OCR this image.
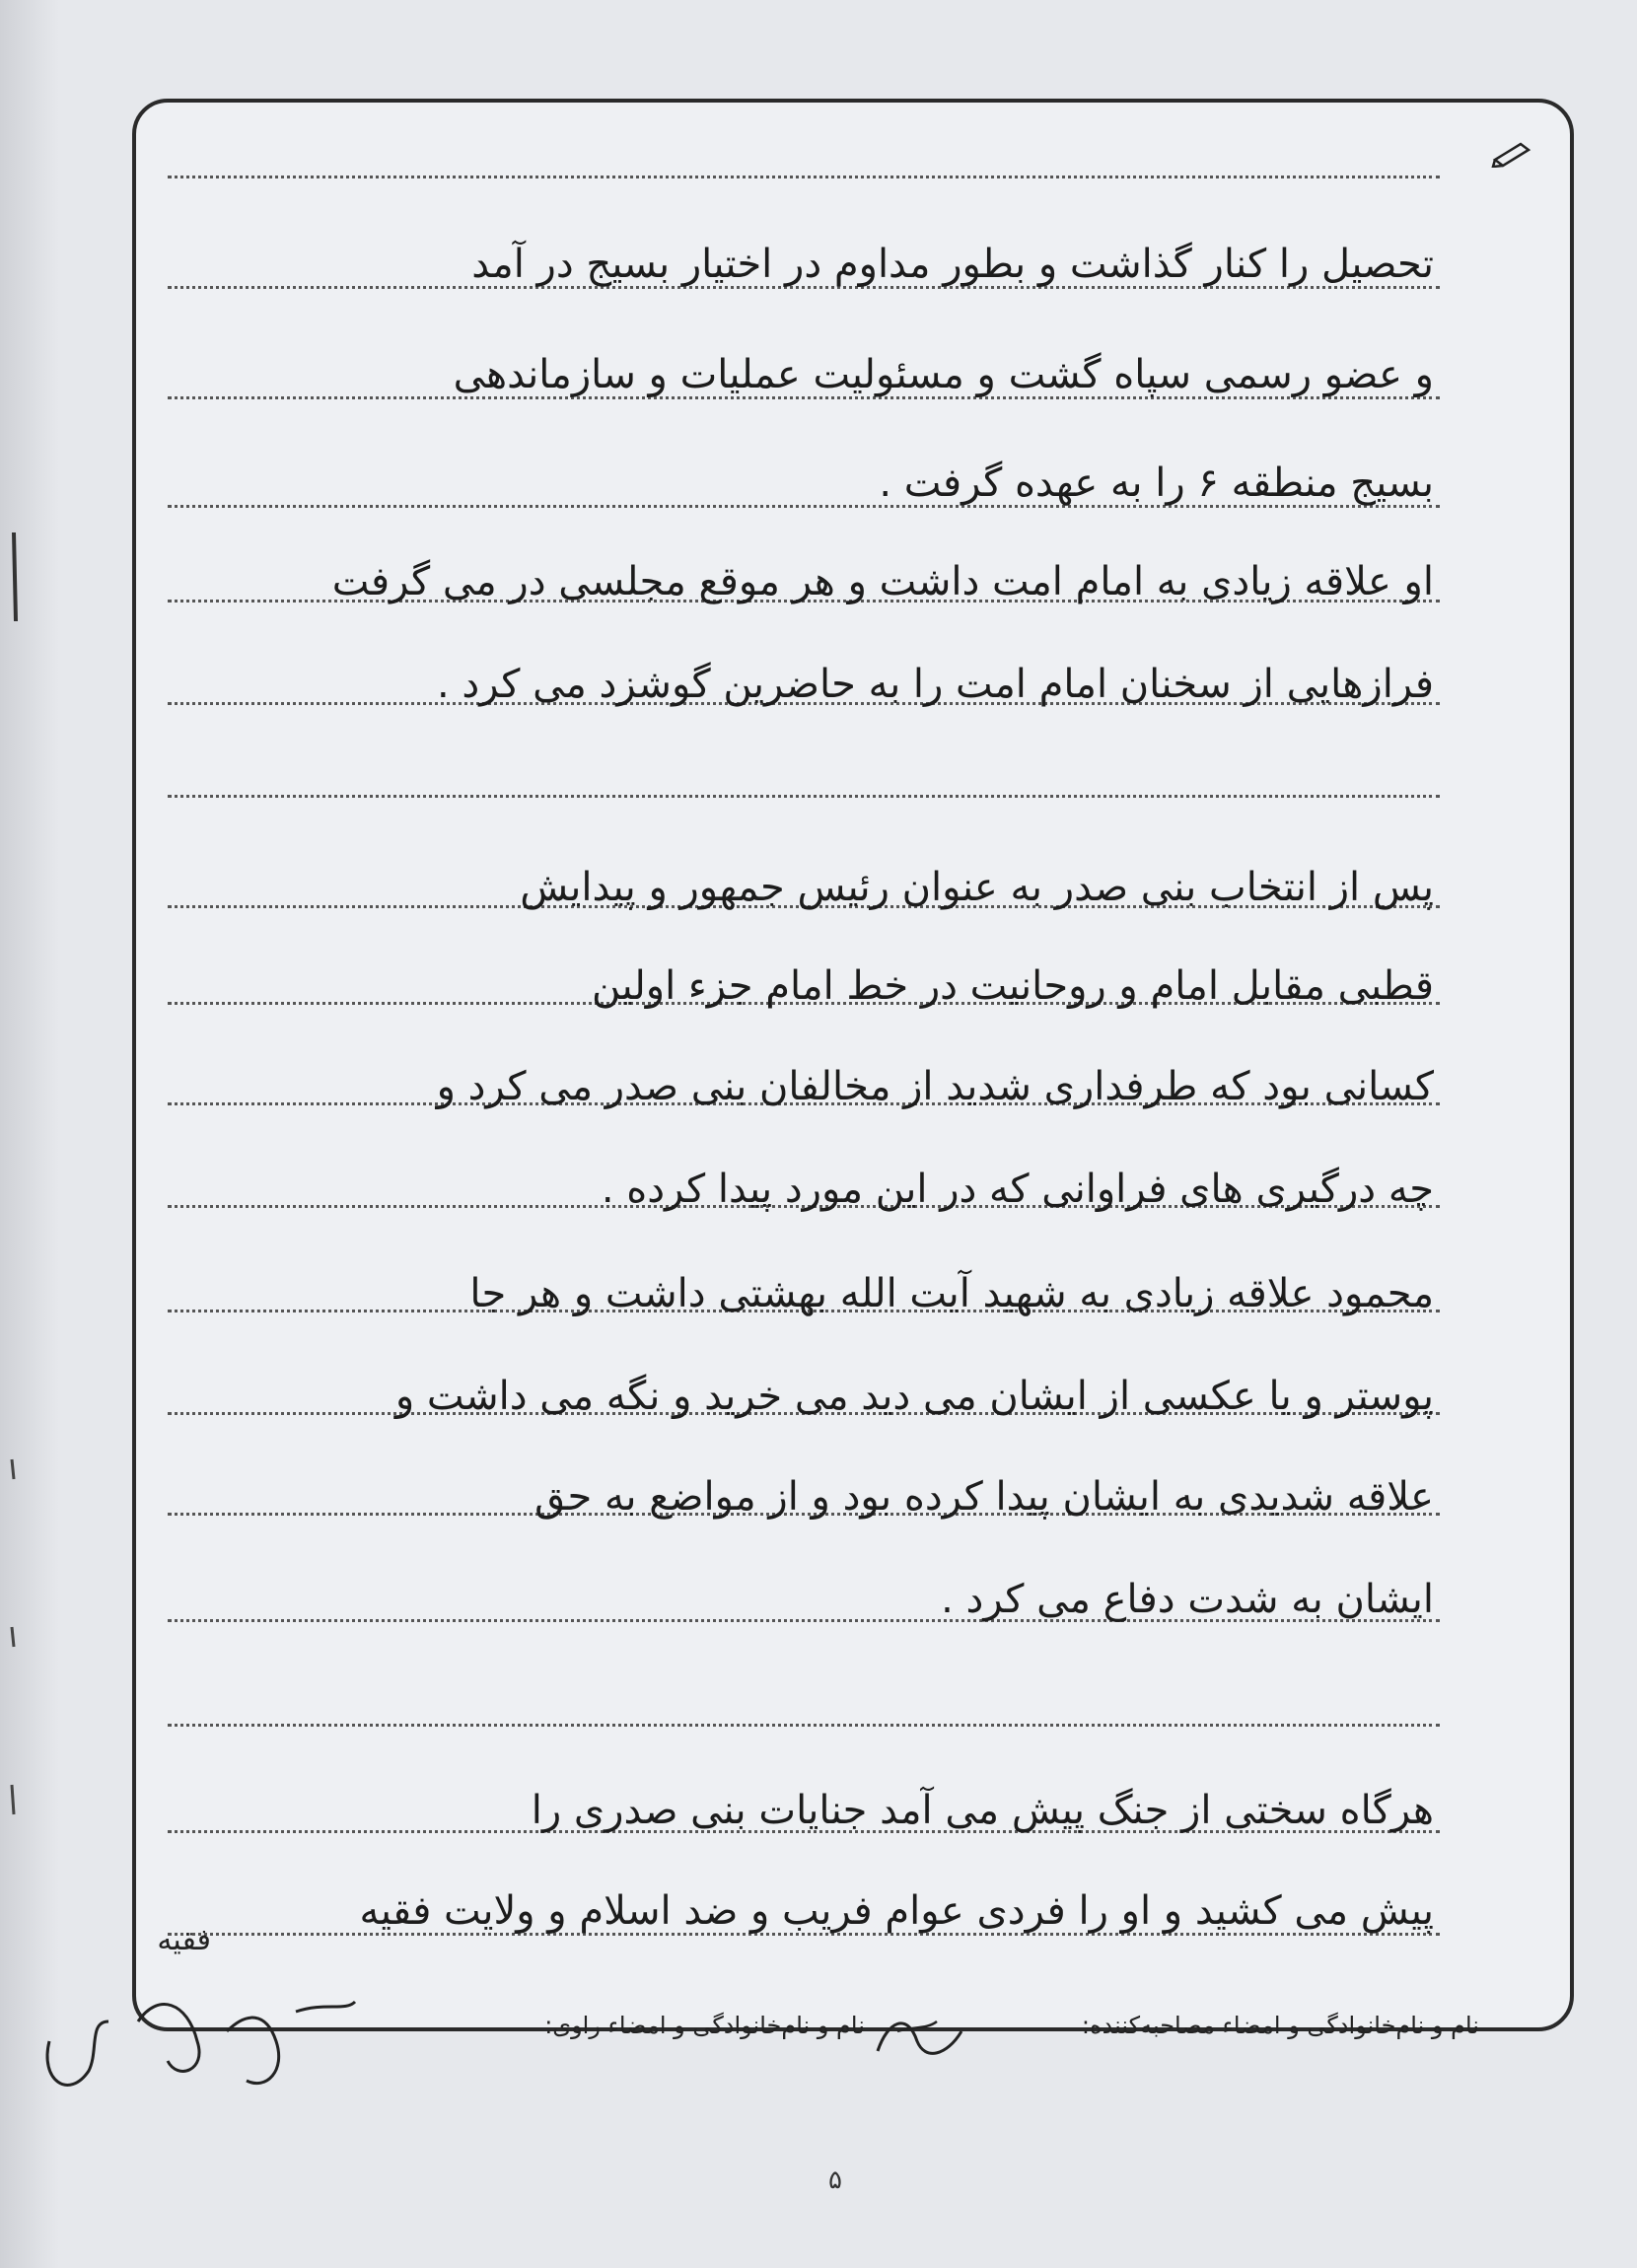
تحصیل را کنار گذاشت و بطور مداوم در اختیار بسیج در آمد
و عضو رسمی سپاه گشت و مسئولیت عملیات و سازماندهی
بسیج منطقه ۶ را به عهده گرفت .
او علاقه زیادی به امام امت داشت و هر موقع مجلسی در می گرفت
فرازهایی از سخنان امام امت را به حاضرین گوشزد می کرد .
پس از انتخاب بنی صدر به عنوان رئیس جمهور و پیدایش
قطبی مقابل امام و روحانیت در خط امام جزء اولین
کسانی بود که طرفداری شدید از مخالفان بنی صدر می کرد و
چه درگیری های فراوانی که در این مورد پیدا کرده .
محمود علاقه زیادی به شهید آیت الله بهشتی داشت و هر جا
پوستر و یا عکسی از ایشان می دید می خرید و نگه می داشت و
علاقه شدیدی به ایشان پیدا کرده بود و از مواضع به حق
ایشان به شدت دفاع می کرد .
هرگاه سختی از جنگ پیش می آمد جنایات بنی صدری را
پیش می کشید و او را فردی عوام فریب و ضد اسلام و ولایت فقیه
فقیه
نام و نام‌خانوادگی و امضاء مصاحبه‌کننده:
نام و نام‌خانوادگی و امضاء راوی:
۵
